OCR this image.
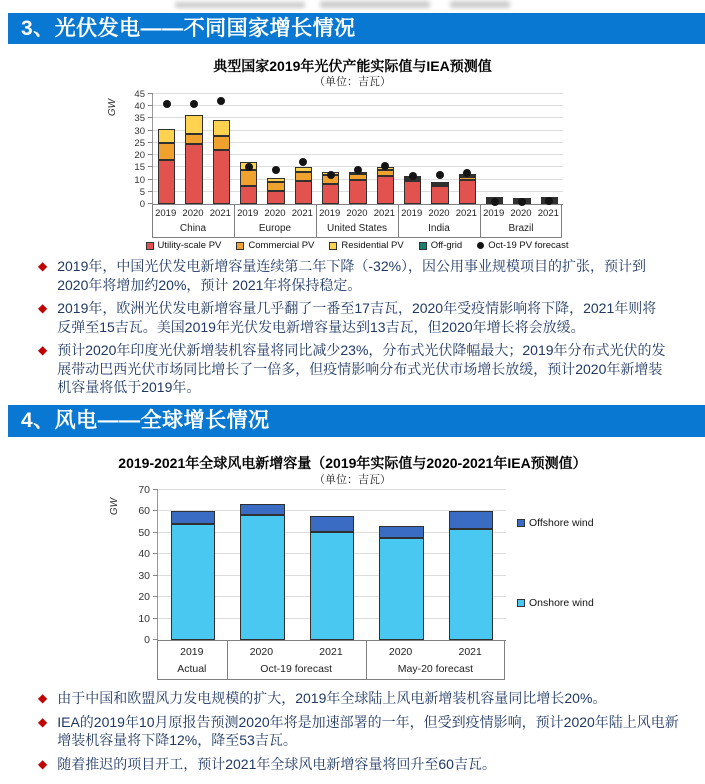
3、光伏发电——不同国家增长情况
典型国家2019年光伏产能实际值与IEA预测值
（单位：吉瓦）
GW
0
5
10
15
20
25
30
35
40
45
Utility-scale PV	Commercial PV	Residential PV	Off-grid	Oct-19 PV forecast
2019 2020 2021 2019 2020 2021 2019 2020 2021 2019 2020 2021 2019 2020 2021
China	Europe	United States	India	Brazil
◆ 2019年，中国光伏发电新增容量连续第二年下降（-32%），因公用事业规模项目的扩张，预计到2020年将增加约20%，预计 2021年将保持稳定。
◆ 2019年，欧洲光伏发电新增容量几乎翻了一番至17吉瓦，2020年受疫情影响将下降，2021年则将反弹至15吉瓦。美国2019年光伏发电新增容量达到13吉瓦，但2020年增长将会放缓。
◆ 预计2020年印度光伏新增装机容量将同比减少23%，分布式光伏降幅最大；2019年分布式光伏的发展带动巴西光伏市场同比增长了一倍多，但疫情影响分布式光伏市场增长放缓，预计2020年新增装机容量将低于2019年。
4、风电——全球增长情况
2019-2021年全球风电新增容量（2019年实际值与2020-2021年IEA预测值）
（单位：吉瓦）
GW
0
10
20
30
40
50
60
70
Offshore wind
Onshore wind
2019	2020	2021	2020	2021
Actual	Oct-19 forecast	May-20 forecast
◆ 由于中国和欧盟风力发电规模的扩大，2019年全球陆上风电新增装机容量同比增长20%。
◆ IEA的2019年10月原报告预测2020年将是加速部署的一年，但受到疫情影响，预计2020年陆上风电新增装机容量将下降12%，降至53吉瓦。
◆ 随着推迟的项目开工，预计2021年全球风电新增容量将回升至60吉瓦。
